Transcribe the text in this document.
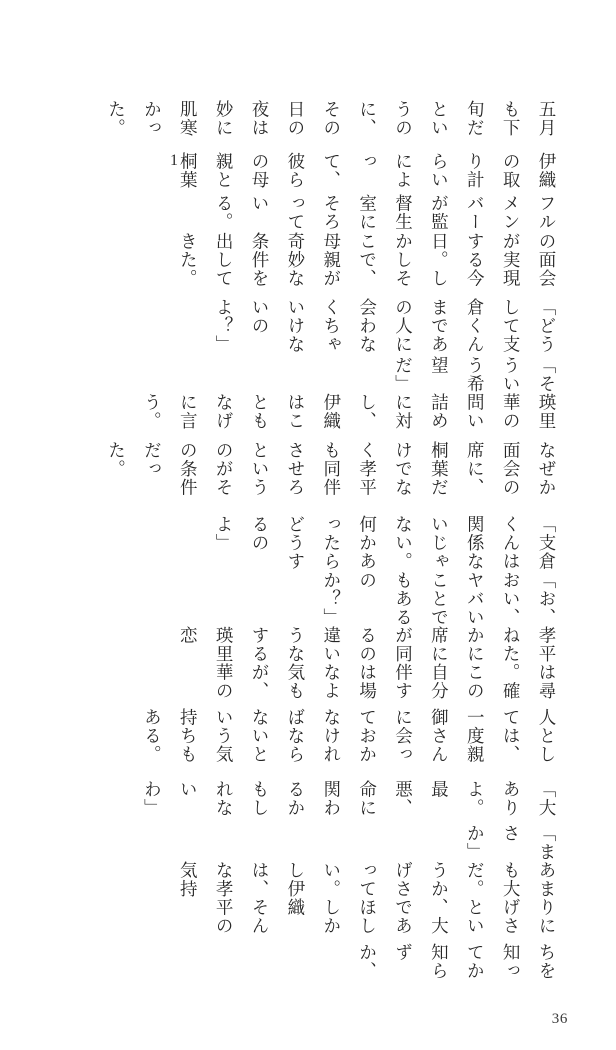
1

五月も下旬だというのに、その日の夜は妙に肌寒かった。

伊織の取り計らいによって、彼らの母親と桐葉

フルメンバーが監督生室にそろっている。

の面会が実現する今日。しかしそこで、母親が奇妙な条件を出してきた。

「どうして支倉くんまであの人に会わなくちゃいけないのよ？」

「そういう希望だ」

瑛里華の問い詰めに対し、伊織はこともなげに言う。

なぜか面会の席に、桐葉だけでなく孝平も同伴させろというのがその条件だった。

「支倉くんは関係ないじゃない。何かあったらどうするのよ」

「お、おい、ヤバいことでもあるのか？」

孝平は尋ねた。確かにこの席に自分が同伴するのは場違いなような気もするが、瑛里華の恋

人としては、一度親御さんに会っておかなければならないという気持ちもある。

「大ありよ。最悪、命に関わるかもしれないわ」

「まさか」

あまりにも大げさだ。というか、大げさであってほしい。しかし伊織は、そんな孝平の気持

ちを知ってか知らずか、

36
